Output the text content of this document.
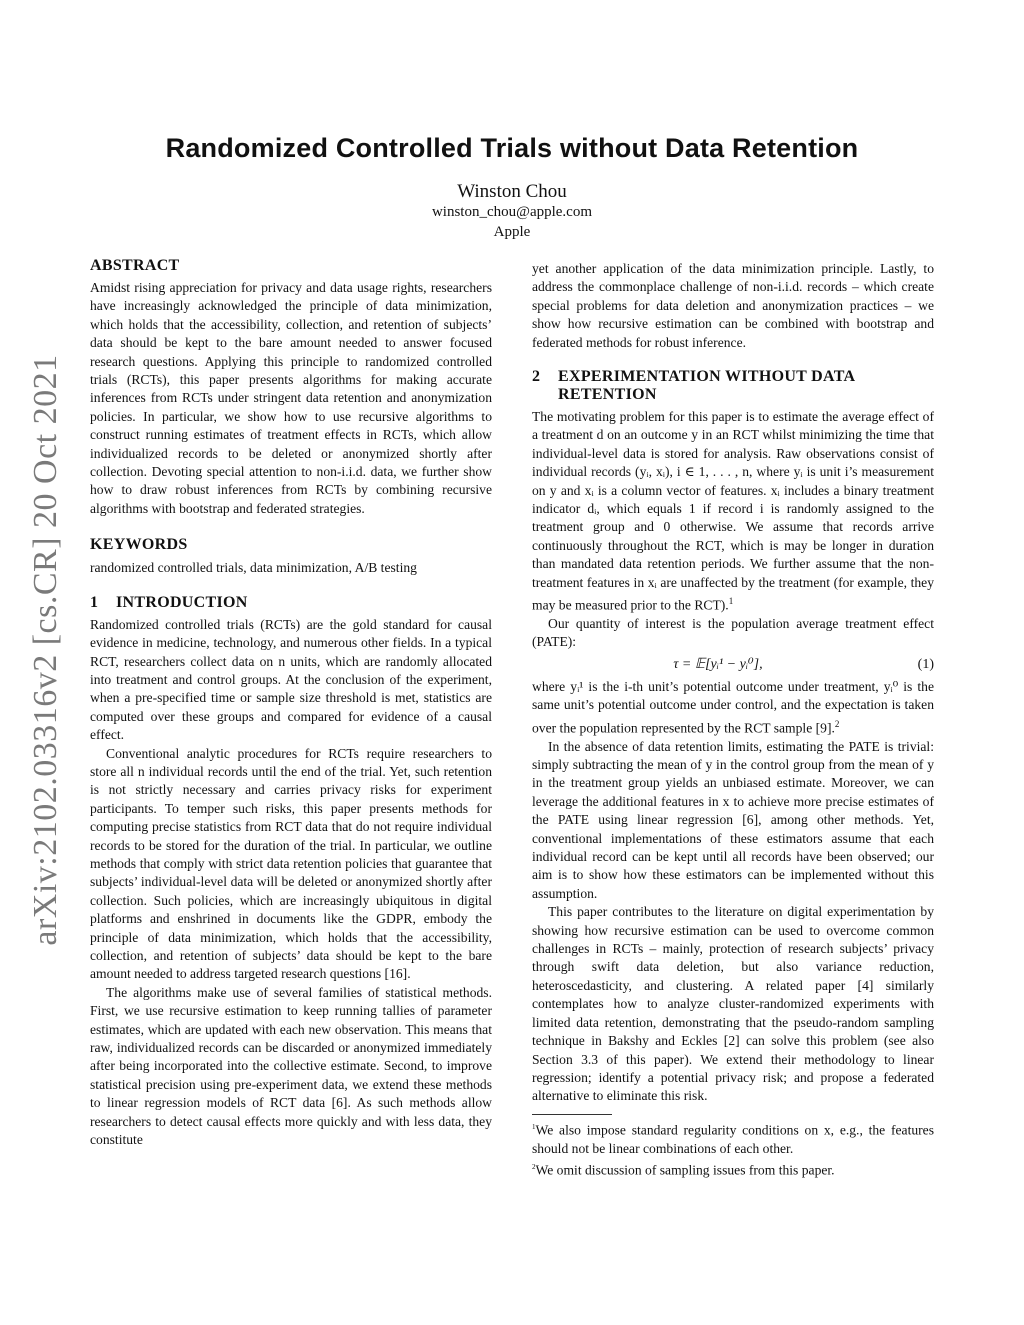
arXiv:2102.03316v2 [cs.CR] 20 Oct 2021
Randomized Controlled Trials without Data Retention
Winston Chou
winston_chou@apple.com
Apple
ABSTRACT

Amidst rising appreciation for privacy and data usage rights, researchers have increasingly acknowledged the principle of data minimization, which holds that the accessibility, collection, and retention of subjects’ data should be kept to the bare amount needed to answer focused research questions. Applying this principle to randomized controlled trials (RCTs), this paper presents algorithms for making accurate inferences from RCTs under stringent data retention and anonymization policies. In particular, we show how to use recursive algorithms to construct running estimates of treatment effects in RCTs, which allow individualized records to be deleted or anonymized shortly after collection. Devoting special attention to non-i.i.d. data, we further show how to draw robust inferences from RCTs by combining recursive algorithms with bootstrap and federated strategies.

KEYWORDS

randomized controlled trials, data minimization, A/B testing

1	INTRODUCTION

Randomized controlled trials (RCTs) are the gold standard for causal evidence in medicine, technology, and numerous other fields. In a typical RCT, researchers collect data on n units, which are randomly allocated into treatment and control groups. At the conclusion of the experiment, when a pre-specified time or sample size threshold is met, statistics are computed over these groups and compared for evidence of a causal effect.

Conventional analytic procedures for RCTs require researchers to store all n individual records until the end of the trial. Yet, such retention is not strictly necessary and carries privacy risks for experiment participants. To temper such risks, this paper presents methods for computing precise statistics from RCT data that do not require individual records to be stored for the duration of the trial. In particular, we outline methods that comply with strict data retention policies that guarantee that subjects’ individual-level data will be deleted or anonymized shortly after collection. Such policies, which are increasingly ubiquitous in digital platforms and enshrined in documents like the GDPR, embody the principle of data minimization, which holds that the accessibility, collection, and retention of subjects’ data should be kept to the bare amount needed to address targeted research questions [16].

The algorithms make use of several families of statistical methods. First, we use recursive estimation to keep running tallies of parameter estimates, which are updated with each new observation. This means that raw, individualized records can be discarded or anonymized immediately after being incorporated into the collective estimate. Second, to improve statistical precision using pre-experiment data, we extend these methods to linear regression models of RCT data [6]. As such methods allow researchers to detect causal effects more quickly and with less data, they constitute

yet another application of the data minimization principle. Lastly, to address the commonplace challenge of non-i.i.d. records – which create special problems for data deletion and anonymization practices – we show how recursive estimation can be combined with bootstrap and federated methods for robust inference.

2	EXPERIMENTATION WITHOUT DATA RETENTION

The motivating problem for this paper is to estimate the average effect of a treatment d on an outcome y in an RCT whilst minimizing the time that individual-level data is stored for analysis. Raw observations consist of individual records (yᵢ, xᵢ), i ∈ 1, . . . , n, where yᵢ is unit i’s measurement on y and xᵢ is a column vector of features. xᵢ includes a binary treatment indicator dᵢ, which equals 1 if record i is randomly assigned to the treatment group and 0 otherwise. We assume that records arrive continuously throughout the RCT, which is may be longer in duration than mandated data retention periods. We further assume that the non-treatment features in xᵢ are unaffected by the treatment (for example, they may be measured prior to the RCT).$^1$

Our quantity of interest is the population average treatment effect (PATE):

τ = 𝔼[yᵢ¹ − yᵢ⁰],	(1)

where yᵢ¹ is the i-th unit’s potential outcome under treatment, yᵢ⁰ is the same unit’s potential outcome under control, and the expectation is taken over the population represented by the RCT sample [9].$^2$

In the absence of data retention limits, estimating the PATE is trivial: simply subtracting the mean of y in the control group from the mean of y in the treatment group yields an unbiased estimate. Moreover, we can leverage the additional features in x to achieve more precise estimates of the PATE using linear regression [6], among other methods. Yet, conventional implementations of these estimators assume that each individual record can be kept until all records have been observed; our aim is to show how these estimators can be implemented without this assumption.

This paper contributes to the literature on digital experimentation by showing how recursive estimation can be used to overcome common challenges in RCTs – mainly, protection of research subjects’ privacy through swift data deletion, but also variance reduction, heteroscedasticity, and clustering. A related paper [4] similarly contemplates how to analyze cluster-randomized experiments with limited data retention, demonstrating that the pseudo-random sampling technique in Bakshy and Eckles [2] can solve this problem (see also Section 3.3 of this paper). We extend their methodology to linear regression; identify a potential privacy risk; and propose a federated alternative to eliminate this risk.

$^1$We also impose standard regularity conditions on x, e.g., the features should not be linear combinations of each other.

$^2$We omit discussion of sampling issues from this paper.
